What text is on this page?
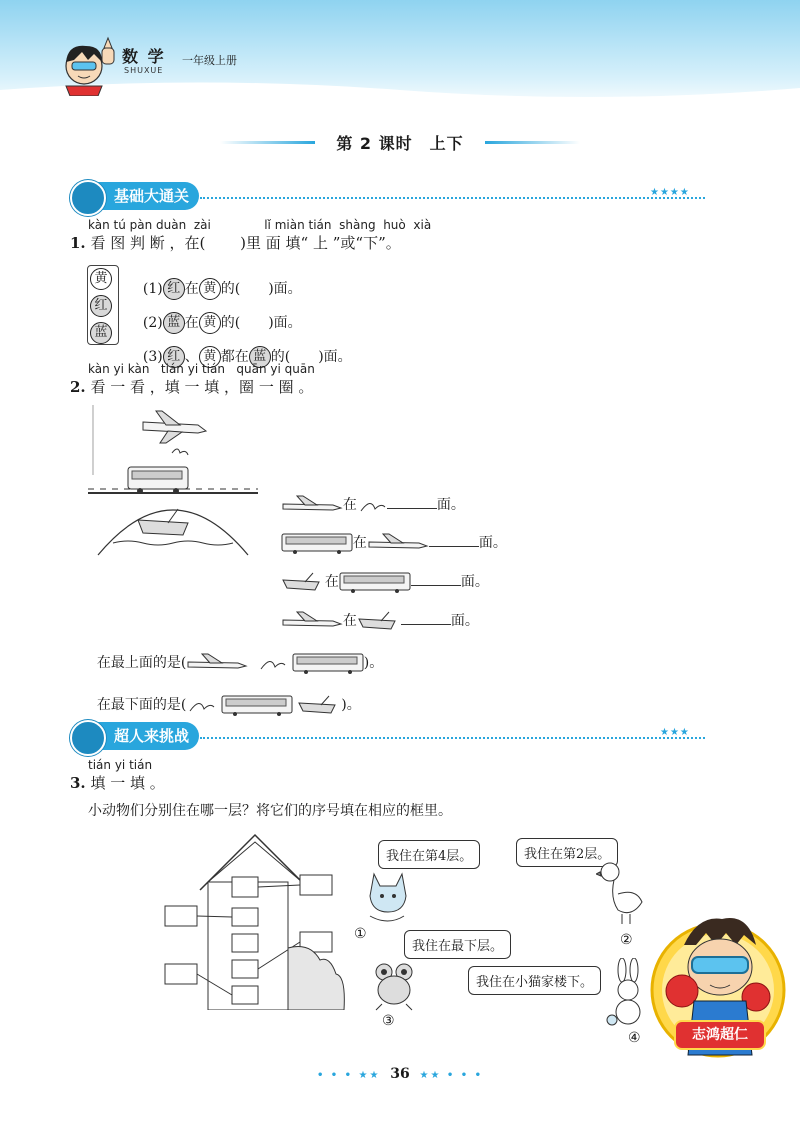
数 学
SHUXUE
一年级上册
第 2 课时　上下
基础大通关	★★★★
kàn tú pàn duàn  zài              lǐ miàn tián  shàng  huò  xià
1. 看 图 判 断 ，在(　　 )里 面 填“ 上 ”或“下”。
黄
红
蓝

(1) 红 在 黄 的(　　)面。

(2) 蓝 在 黄 的(　　)面。

(3) 红 、 黄 都在 蓝 的(　　)面。

kàn yi kàn   tián yi tián   quān yi quān
2. 看 一 看 ，填 一 填 ，圈 一 圈 。

在	面。

在	面。

在	面。

在	面。

在最上面的是(	)。

在最下面的是(	)。

超人来挑战	★★★
tián yi tián
3. 填 一 填 。
小动物们分别住在哪一层？将它们的序号填在相应的框里。
我住在第4层。	我住在第2层。
我住在最下层。
我住在小猫家楼下。
①	②
③
④	志鸿超仁
• • • ★★ 36 ★★ • • •
